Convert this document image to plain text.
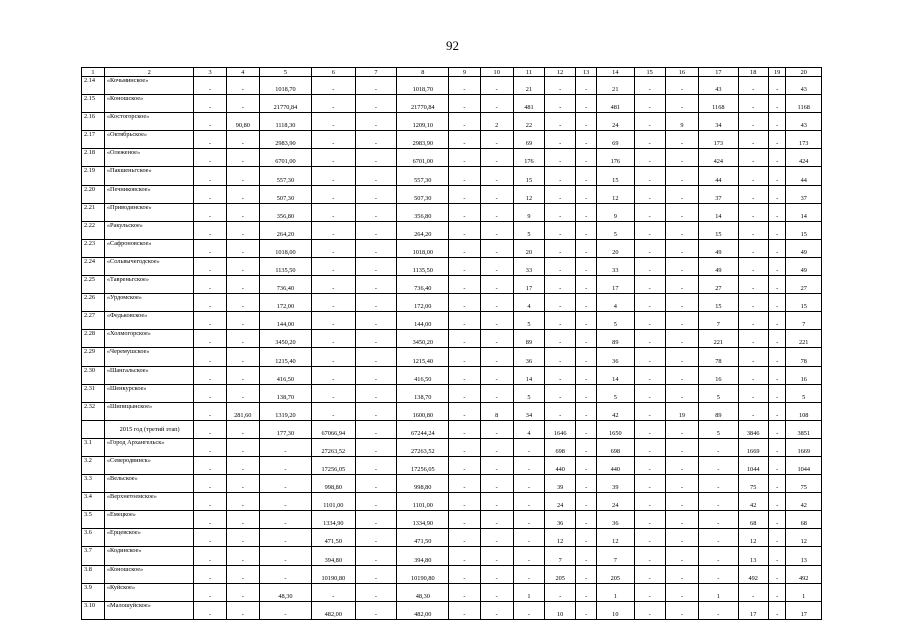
92
1	2	3	4	5	6	7	8	9	10	11	12	13	14	15	16	17	18	19	20
2.14	«Кочьминское»	-	-	1018,70	-	-	1018,70	-	-	21	-	-	21	-	-	43	-	-	43
2.15	«Коношское»	-	-	21770,84	-	-	21770,84	-	-	481	-	-	481	-	-	1168	-	-	1168
2.16	«Костогорское»	-	90,80	1118,30	-	-	1209,10	-	2	22	-	-	24	-	9	34	-	-	43
2.17	«Октябрьское»	-	-	2983,90	-	-	2983,90	-	-	69	-	-	69	-	-	173	-	-	173
2.18	«Олеженое»	-	-	6701,00	-	-	6701,00	-	-	176	-	-	176	-	-	424	-	-	424
2.19	«Пакшеньгское»	-	-	557,30	-	-	557,30	-	-	15	-	-	15	-	-	44	-	-	44
2.20	«Печниковское»	-	-	507,30	-	-	507,30	-	-	12	-	-	12	-	-	37	-	-	37
2.21	«Приводинское»	-	-	356,80	-	-	356,80	-	-	9	-	-	9	-	-	14	-	-	14
2.22	«Ракульское»	-	-	264,20	-	-	264,20	-	-	5	-	-	5	-	-	15	-	-	15
2.23	«Сафроновское»	-	-	1018,00	-	-	1018,00	-	-	20	-	-	20	-	-	49	-	-	49
2.24	«Сольвычегодское»	-	-	1135,50	-	-	1135,50	-	-	33	-	-	33	-	-	49	-	-	49
2.25	«Тавреньгское»	-	-	736,40	-	-	736,40	-	-	17	-	-	17	-	-	27	-	-	27
2.26	«Урдомское»	-	-	172,00	-	-	172,00	-	-	4	-	-	4	-	-	15	-	-	15
2.27	«Федьковское»	-	-	144,00	-	-	144,00	-	-	5	-	-	5	-	-	7	-	-	7
2.28	«Холмогорское»	-	-	3450,20	-	-	3450,20	-	-	89	-	-	89	-	-	221	-	-	221
2.29	«Черемушское»	-	-	1215,40	-	-	1215,40	-	-	36	-	-	36	-	-	78	-	-	78
2.30	«Шангальское»	-	-	416,50	-	-	416,50	-	-	14	-	-	14	-	-	16	-	-	16
2.31	«Шенкурское»	-	-	138,70	-	-	138,70	-	-	5	-	-	5	-	-	5	-	-	5
2.32	«Шипицынское»	-	281,60	1319,20	-	-	1600,80	-	8	34	-	-	42	-	19	89	-	-	108
	2015 год (третий этап)	-	-	177,30	67066,94	-	67244,24	-	-	4	1646	-	1650	-	-	5	3846	-	3851
3.1	«Город Архангельск»	-	-	-	27263,52	-	27263,52	-	-	-	698	-	698	-	-	-	1669	-	1669
3.2	«Северодвинск»	-	-	-	17256,05	-	17256,05	-	-	-	440	-	440	-	-	-	1044	-	1044
3.3	«Вельское»	-	-	-	998,80	-	998,80	-	-	-	39	-	39	-	-	-	75	-	75
3.4	«Верхнетоемское»	-	-	-	1101,00	-	1101,00	-	-	-	24	-	24	-	-	-	42	-	42
3.5	«Емецкое»	-	-	-	1334,90	-	1334,90	-	-	-	36	-	36	-	-	-	68	-	68
3.6	«Ерцевское»	-	-	-	471,50	-	471,50	-	-	-	12	-	12	-	-	-	12	-	12
3.7	«Кодинское»	-	-	-	394,80	-	394,80	-	-	-	7	-	7	-	-	-	13	-	13
3.8	«Коношское»	-	-	-	10190,80	-	10190,80	-	-	-	205	-	205	-	-	-	492	-	492
3.9	«Куйское»	-	-	48,30	-	-	48,30	-	-	1	-	-	1	-	-	1	-	-	1
3.10	«Малошуйское»	-	-	-	482,00	-	482,00	-	-	-	10	-	10	-	-	-	17	-	17
